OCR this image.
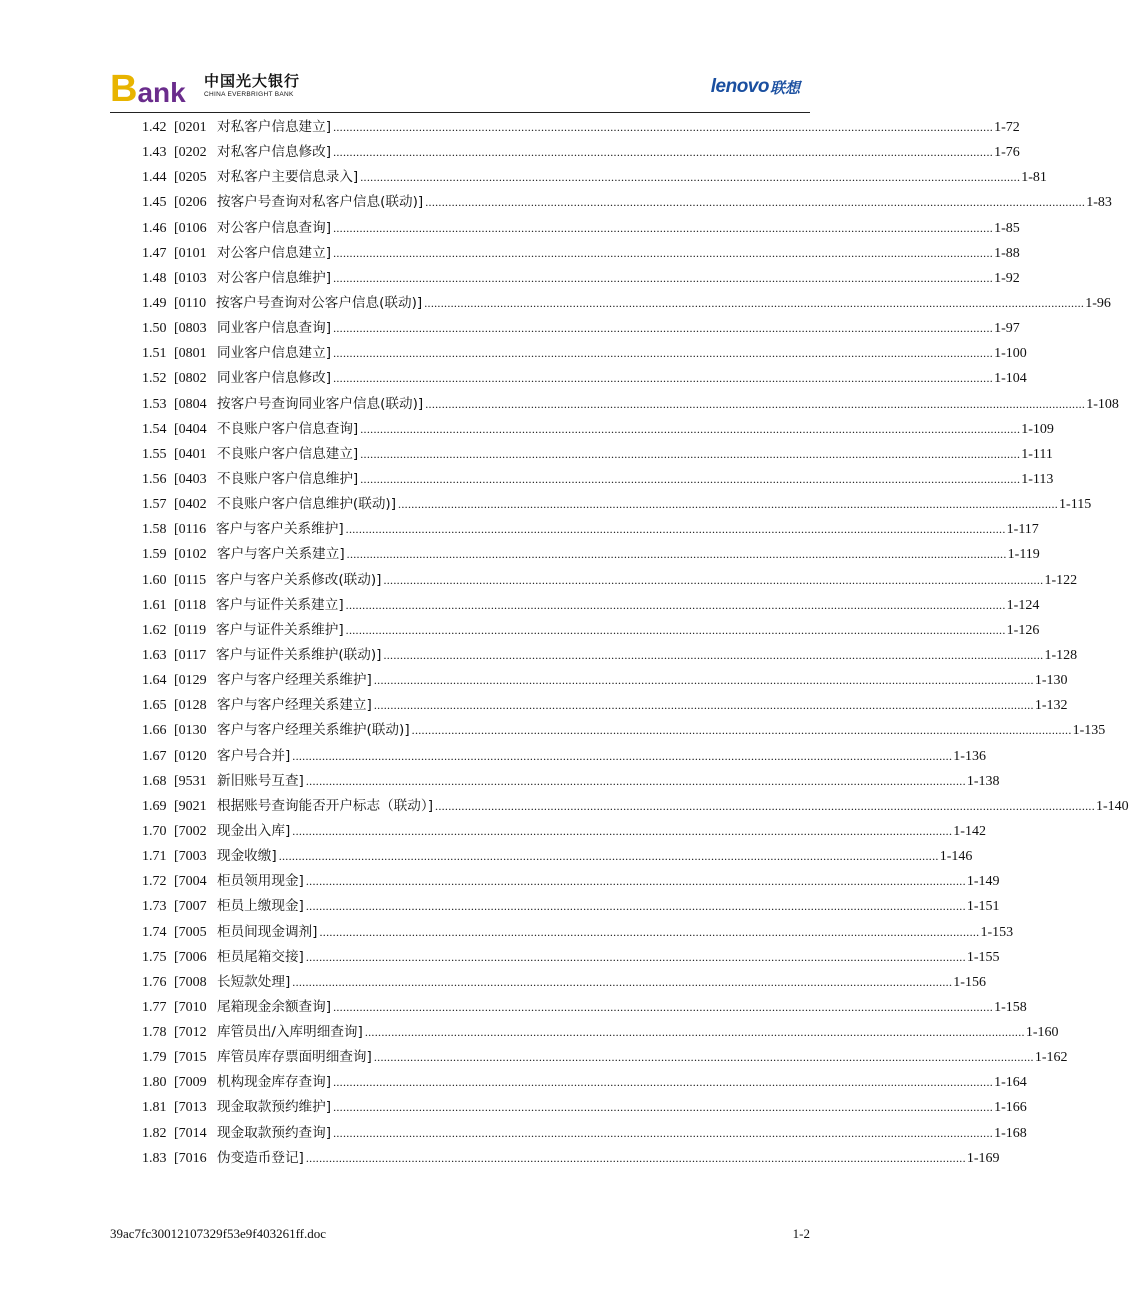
B ank 中国光大银行
CHINA EVERBRIGHT BANK	lenovo 联想
1.42 [0201 对私客户信息建立] ........................................................................................................................................................................................................ 1-72
1.43 [0202 对私客户信息修改] ........................................................................................................................................................................................................ 1-76
1.44 [0205 对私客户主要信息录入] ........................................................................................................................................................................................................ 1-81
1.45 [0206 按客户号查询对私客户信息(联动)] ........................................................................................................................................................................................................ 1-83
1.46 [0106 对公客户信息查询] ........................................................................................................................................................................................................ 1-85
1.47 [0101 对公客户信息建立] ........................................................................................................................................................................................................ 1-88
1.48 [0103 对公客户信息维护] ........................................................................................................................................................................................................ 1-92
1.49 [0110 按客户号查询对公客户信息(联动)] ........................................................................................................................................................................................................ 1-96
1.50 [0803 同业客户信息查询] ........................................................................................................................................................................................................ 1-97
1.51 [0801 同业客户信息建立] ........................................................................................................................................................................................................ 1-100
1.52 [0802 同业客户信息修改] ........................................................................................................................................................................................................ 1-104
1.53 [0804 按客户号查询同业客户信息(联动)] ........................................................................................................................................................................................................ 1-108
1.54 [0404 不良账户客户信息查询] ........................................................................................................................................................................................................ 1-109
1.55 [0401 不良账户客户信息建立] ........................................................................................................................................................................................................ 1-111
1.56 [0403 不良账户客户信息维护] ........................................................................................................................................................................................................ 1-113
1.57 [0402 不良账户客户信息维护(联动)] ........................................................................................................................................................................................................ 1-115
1.58 [0116 客户与客户关系维护] ........................................................................................................................................................................................................ 1-117
1.59 [0102 客户与客户关系建立] ........................................................................................................................................................................................................ 1-119
1.60 [0115 客户与客户关系修改(联动)] ........................................................................................................................................................................................................ 1-122
1.61 [0118 客户与证件关系建立] ........................................................................................................................................................................................................ 1-124
1.62 [0119 客户与证件关系维护] ........................................................................................................................................................................................................ 1-126
1.63 [0117 客户与证件关系维护(联动)] ........................................................................................................................................................................................................ 1-128
1.64 [0129 客户与客户经理关系维护] ........................................................................................................................................................................................................ 1-130
1.65 [0128 客户与客户经理关系建立] ........................................................................................................................................................................................................ 1-132
1.66 [0130 客户与客户经理关系维护(联动)] ........................................................................................................................................................................................................ 1-135
1.67 [0120 客户号合并] ........................................................................................................................................................................................................ 1-136
1.68 [9531 新旧账号互查] ........................................................................................................................................................................................................ 1-138
1.69 [9021 根据账号查询能否开户标志（联动）] ........................................................................................................................................................................................................ 1-140
1.70 [7002 现金出入库] ........................................................................................................................................................................................................ 1-142
1.71 [7003 现金收缴] ........................................................................................................................................................................................................ 1-146
1.72 [7004 柜员领用现金] ........................................................................................................................................................................................................ 1-149
1.73 [7007 柜员上缴现金] ........................................................................................................................................................................................................ 1-151
1.74 [7005 柜员间现金调剂] ........................................................................................................................................................................................................ 1-153
1.75 [7006 柜员尾箱交接] ........................................................................................................................................................................................................ 1-155
1.76 [7008 长短款处理] ........................................................................................................................................................................................................ 1-156
1.77 [7010 尾箱现金余额查询] ........................................................................................................................................................................................................ 1-158
1.78 [7012 库管员出/入库明细查询] ........................................................................................................................................................................................................ 1-160
1.79 [7015 库管员库存票面明细查询] ........................................................................................................................................................................................................ 1-162
1.80 [7009 机构现金库存查询] ........................................................................................................................................................................................................ 1-164
1.81 [7013 现金取款预约维护] ........................................................................................................................................................................................................ 1-166
1.82 [7014 现金取款预约查询] ........................................................................................................................................................................................................ 1-168
1.83 [7016 伪变造币登记] ........................................................................................................................................................................................................ 1-169
39ac7fc30012107329f53e9f403261ff.doc	1-2
